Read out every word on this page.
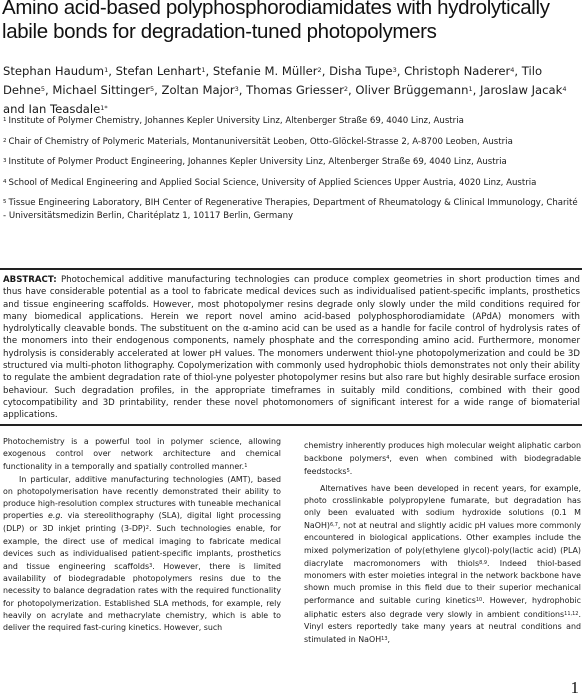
Amino acid-based polyphosphorodiamidates with hydrolytically labile bonds for degradation-tuned photopolymers
Stephan Haudum$^1$, Stefan Lenhart$^1$, Stefanie M. Müller$^2$, Disha Tupe$^3$, Christoph Naderer$^4$, Tilo Dehne$^5$, Michael Sittinger$^5$, Zoltan Major$^3$, Thomas Griesser$^2$, Oliver Brüggemann$^1$, Jaroslaw Jacak$^4$ and Ian Teasdale$^{1*}$
$^1$ Institute of Polymer Chemistry, Johannes Kepler University Linz, Altenberger Straße 69, 4040 Linz, Austria
$^2$ Chair of Chemistry of Polymeric Materials, Montanuniversität Leoben, Otto-Glöckel-Strasse 2, A-8700 Leoben, Austria
$^3$ Institute of Polymer Product Engineering, Johannes Kepler University Linz, Altenberger Straße 69, 4040 Linz, Austria
$^4$ School of Medical Engineering and Applied Social Science, University of Applied Sciences Upper Austria, 4020 Linz, Austria
$^5$ Tissue Engineering Laboratory, BIH Center of Regenerative Therapies, Department of Rheumatology & Clinical Immunology, Charité - Universitätsmedizin Berlin, Charitéplatz 1, 10117 Berlin, Germany
ABSTRACT: Photochemical additive manufacturing technologies can produce complex geometries in short production times and thus have considerable potential as a tool to fabricate medical devices such as individualised patient-specific implants, prosthetics and tissue engineering scaffolds. However, most photopolymer resins degrade only slowly under the mild conditions required for many biomedical applications. Herein we report novel amino acid-based polyphosphorodiamidate (APdA) monomers with hydrolytically cleavable bonds. The substituent on the α-amino acid can be used as a handle for facile control of hydrolysis rates of the monomers into their endogenous components, namely phosphate and the corresponding amino acid. Furthermore, monomer hydrolysis is considerably accelerated at lower pH values. The monomers underwent thiol-yne photopolymerization and could be 3D structured via multi-photon lithography. Copolymerization with commonly used hydrophobic thiols demonstrates not only their ability to regulate the ambient degradation rate of thiol-yne polyester photopolymer resins but also rare but highly desirable surface erosion behaviour. Such degradation profiles, in the appropriate timeframes in suitably mild conditions, combined with their good cytocompatibility and 3D printability, render these novel photomonomers of significant interest for a wide range of biomaterial applications.

Photochemistry is a powerful tool in polymer science, allowing exogenous control over network architecture and chemical functionality in a temporally and spatially controlled manner.$^1$

In particular, additive manufacturing technologies (AMT), based on photopolymerisation have recently demonstrated their ability to produce high-resolution complex structures with tuneable mechanical properties e.g. via stereolithography (SLA), digital light processing (DLP) or 3D inkjet printing $(3-DP)^2$. Such technologies enable, for example, the direct use of medical imaging to fabricate medical devices such as individualised patient-specific implants, prosthetics and tissue engineering scaffolds$^3$. However, there is limited availability of biodegradable photopolymers resins due to the necessity to balance degradation rates with the required functionality for photopolymerization. Established SLA methods, for example, rely heavily on acrylate and methacrylate chemistry, which is able to deliver the required fast-curing kinetics. However, such

chemistry inherently produces high molecular weight aliphatic carbon backbone polymers$^4$, even when combined with biodegradable feedstocks$^5$.

Alternatives have been developed in recent years, for example, photo crosslinkable polypropylene fumarate, but degradation has only been evaluated with sodium hydroxide solutions (0.1 M NaOH)$^{6,7}$, not at neutral and slightly acidic pH values more commonly encountered in biological applications. Other examples include the mixed polymerization of poly(ethylene glycol)-poly(lactic acid) (PLA) diacrylate macromonomers with thiols$^{8,9}$. Indeed thiol-based monomers with ester moieties integral in the network backbone have shown much promise in this field due to their superior mechanical performance and suitable curing kinetics$^{10}$. However, hydrophobic aliphatic esters also degrade very slowly in ambient conditions$^{11,12}$. Vinyl esters reportedly take many years at neutral conditions and stimulated in NaOH$^{13}$,

1
